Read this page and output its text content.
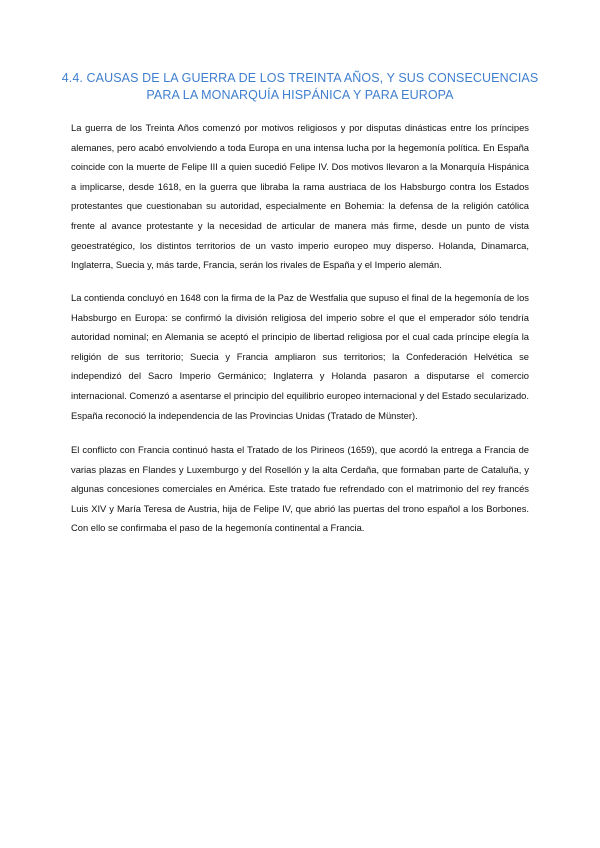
4.4. CAUSAS DE LA GUERRA DE LOS TREINTA AÑOS, Y SUS CONSECUENCIAS
PARA LA MONARQUÍA HISPÁNICA Y PARA EUROPA

La guerra de los Treinta Años comenzó por motivos religiosos y por disputas dinásticas entre los príncipes alemanes, pero acabó envolviendo a toda Europa en una intensa lucha por la hegemonía política. En España coincide con la muerte de Felipe III a quien sucedió Felipe IV. Dos motivos llevaron a la Monarquía Hispánica a implicarse, desde 1618, en la guerra que libraba la rama austriaca de los Habsburgo contra los Estados protestantes que cuestionaban su autoridad, especialmente en Bohemia: la defensa de la religión católica frente al avance protestante y la necesidad de articular de manera más firme, desde un punto de vista geoestratégico, los distintos territorios de un vasto imperio europeo muy disperso. Holanda, Dinamarca, Inglaterra, Suecia y, más tarde, Francia, serán los rivales de España y el Imperio alemán.

La contienda concluyó en 1648 con la firma de la Paz de Westfalia que supuso el final de la hegemonía de los Habsburgo en Europa: se confirmó la división religiosa del imperio sobre el que el emperador sólo tendría autoridad nominal; en Alemania se aceptó el principio de libertad religiosa por el cual cada príncipe elegía la religión de sus territorio; Suecia y Francia ampliaron sus territorios; la Confederación Helvética se independizó del Sacro Imperio Germánico; Inglaterra y Holanda pasaron a disputarse el comercio internacional. Comenzó a asentarse el principio del equilibrio europeo internacional y del Estado secularizado. España reconoció la independencia de las Provincias Unidas (Tratado de Münster).

El conflicto con Francia continuó hasta el Tratado de los Pirineos (1659), que acordó la entrega a Francia de varias plazas en Flandes y Luxemburgo y del Rosellón y la alta Cerdaña, que formaban parte de Cataluña, y algunas concesiones comerciales en América. Este tratado fue refrendado con el matrimonio del rey francés Luis XIV y María Teresa de Austria, hija de Felipe IV, que abrió las puertas del trono español a los Borbones. Con ello se confirmaba el paso de la hegemonía continental a Francia.
